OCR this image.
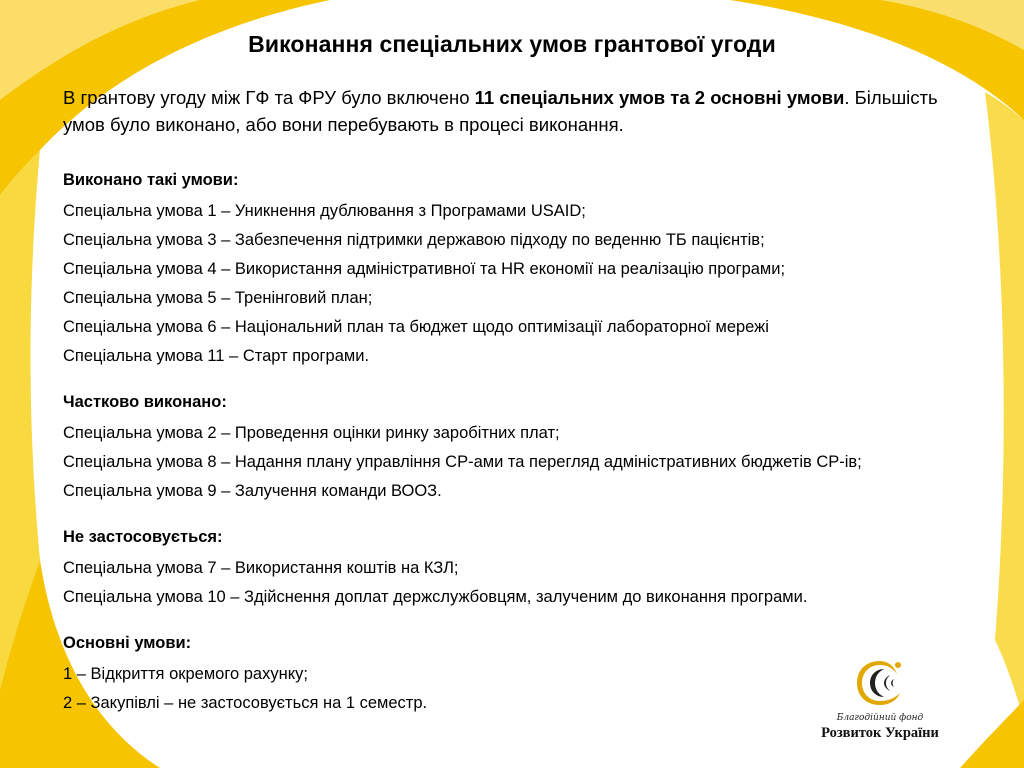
Виконання спеціальних умов грантової угоди

В грантову угоду між ГФ та ФРУ було включено 11 спеціальних умов та 2 основні умови. Більшість умов було виконано, або вони перебувають в процесі виконання.

Виконано такі умови:
Спеціальна умова 1 – Уникнення дублювання з Програмами USAID;
Спеціальна умова 3 – Забезпечення підтримки державою підходу по веденню ТБ пацієнтів;
Спеціальна умова 4 – Використання адміністративної та HR економії на реалізацію програми;
Спеціальна умова 5 – Тренінговий план;
Спеціальна умова 6 – Національний план та бюджет щодо оптимізації лабораторної мережі
Спеціальна умова 11 – Старт програми.
Частково виконано:
Спеціальна умова 2 – Проведення оцінки ринку заробітних плат;
Спеціальна умова 8 – Надання плану управління СР-ами та перегляд адміністративних бюджетів СР-ів;
Спеціальна умова 9 – Залучення команди ВООЗ.
Не застосовується:
Спеціальна умова 7 – Використання коштів на КЗЛ;
Спеціальна умова 10 – Здійснення доплат держслужбовцям, залученим до виконання програми.
Основні умови:
1 – Відкриття окремого рахунку;
2 – Закупівлі – не застосовується на 1 семестр.
Благодійний фонд
Розвиток України
